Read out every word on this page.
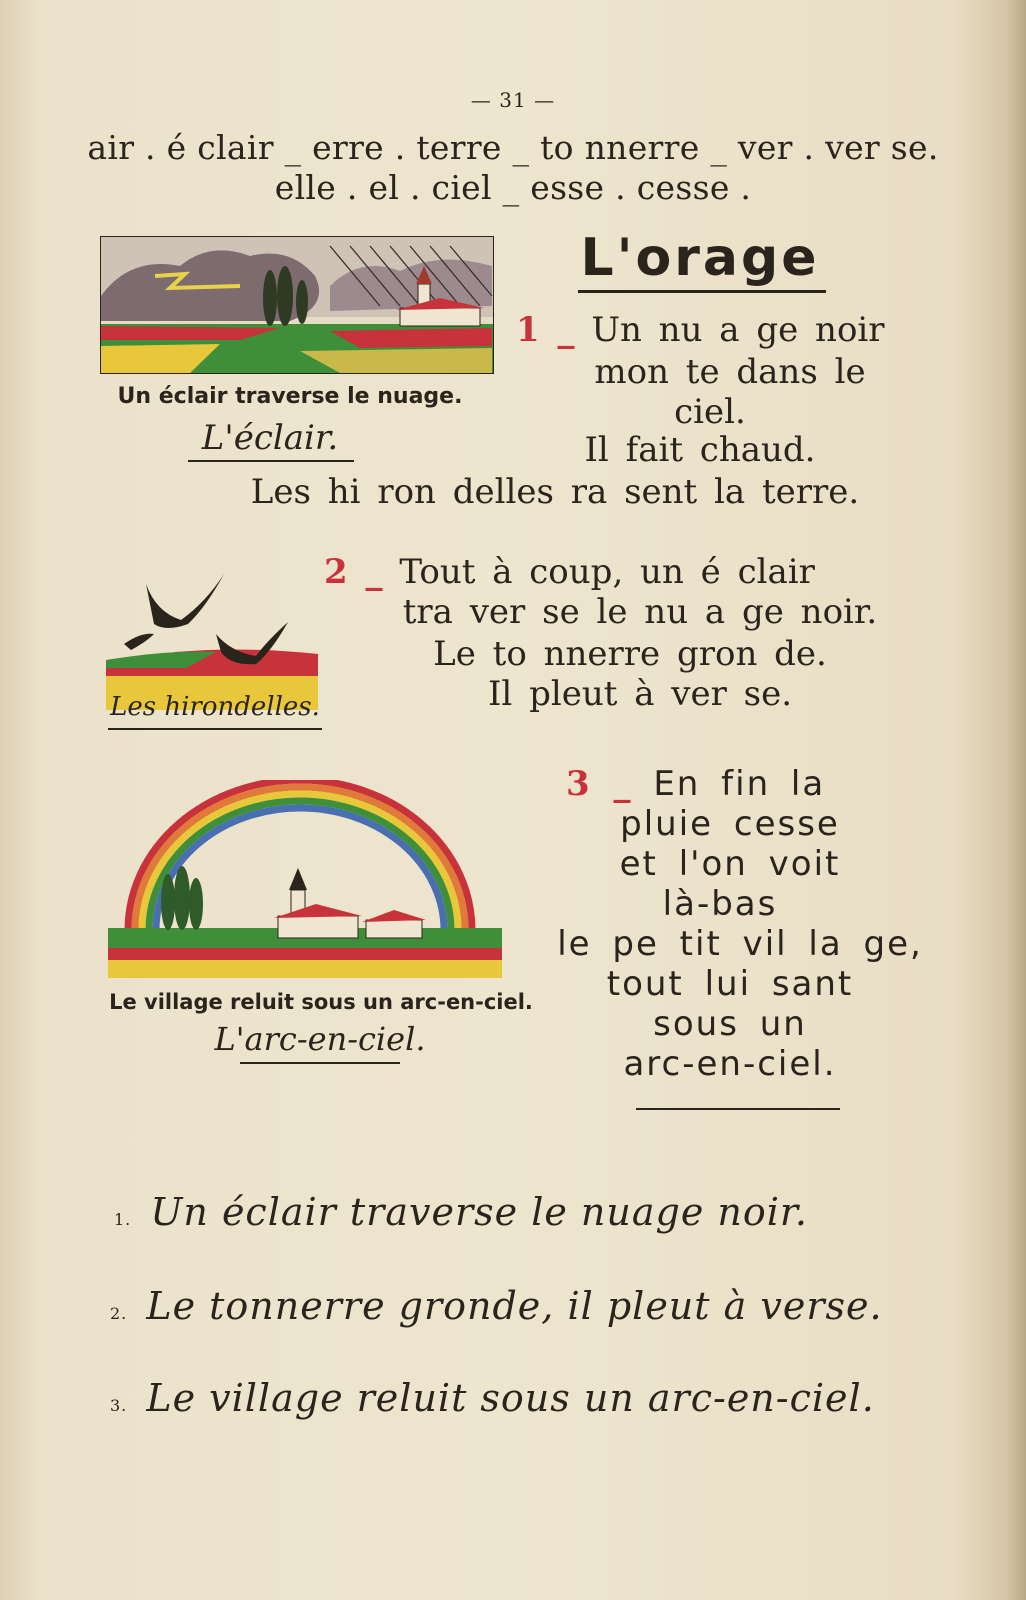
— 31 —
air . é clair _ erre . terre _ to nnerre _ ver . ver se.
elle . el . ciel _ esse . cesse .
Un éclair traverse le nuage.
L'éclair.
L'orage
1 _ Un nu a ge noir
mon te dans le
ciel.
Il fait chaud.
Les hi ron delles ra sent la terre.
Les hirondelles.
2 _ Tout à coup, un é clair
tra ver se le nu a ge noir.
Le to nnerre gron de.
Il pleut à ver se.
Le village reluit sous un arc-en-ciel.
L'arc-en-ciel.
3 _ En fin la
pluie cesse
et l'on voit
là-bas
le pe tit vil la ge,
tout lui sant
sous un
arc-en-ciel.
1. Un éclair traverse le nuage noir.
2. Le tonnerre gronde, il pleut à verse.
3. Le village reluit sous un arc-en-ciel.
